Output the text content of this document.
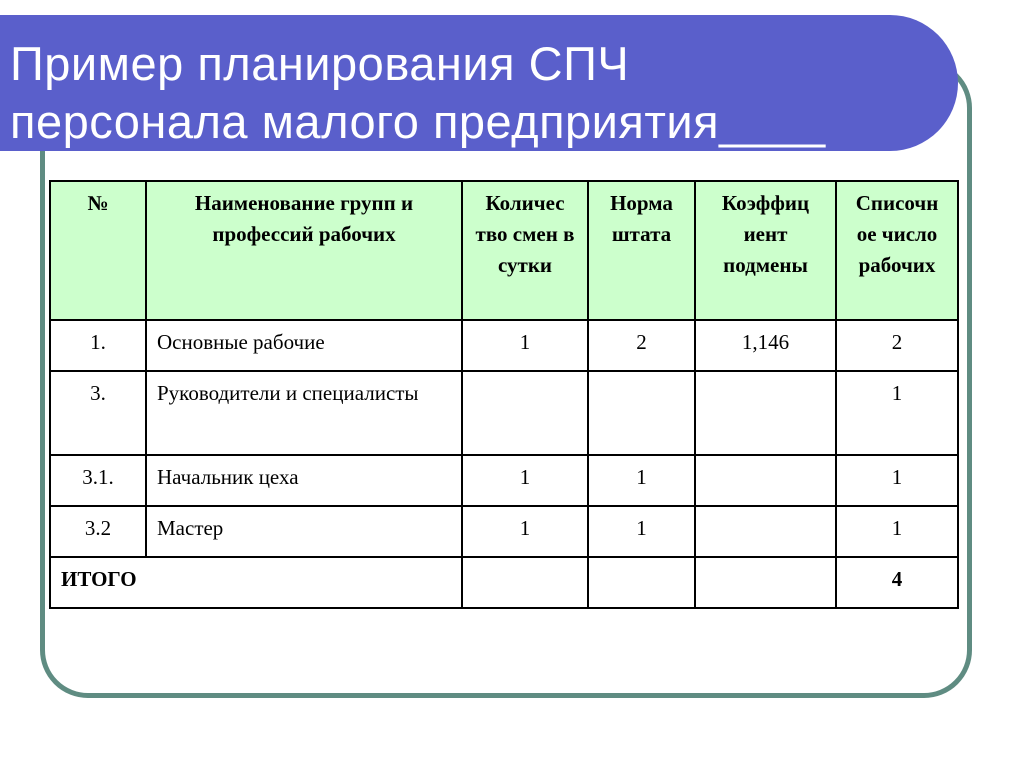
Пример планирования СПЧ
персонала малого предприятия____
№	Наименование групп и профессий рабочих	Количес тво смен в сутки	Норма штата	Коэффиц иент подмены	Списочн ое число рабочих
1.	Основные рабочие	1	2	1,146	2
3.	Руководители и специалисты				1
3.1.	Начальник цеха	1	1		1
3.2	Мастер	1	1		1
ИТОГО					4
